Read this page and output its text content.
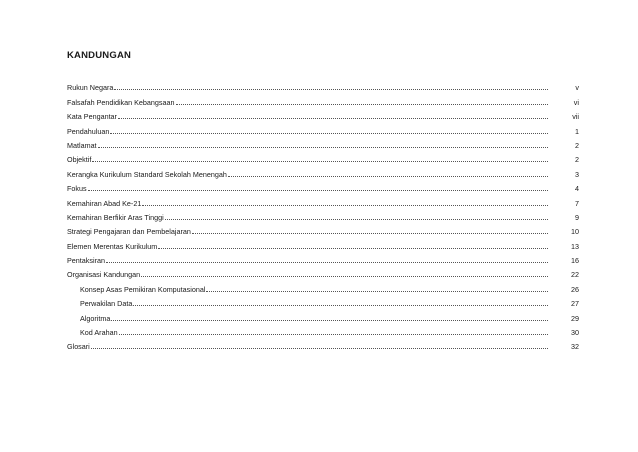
KANDUNGAN
Rukun Negara	v
Falsafah Pendidikan Kebangsaan	vi
Kata Pengantar	vii
Pendahuluan	1
Matlamat	2
Objektif	2
Kerangka Kurikulum Standard Sekolah Menengah	3
Fokus	4
Kemahiran Abad Ke-21	7
Kemahiran Berfikir Aras Tinggi	9
Strategi Pengajaran dan Pembelajaran	10
Elemen Merentas Kurikulum	13
Pentaksiran	16
Organisasi Kandungan	22
Konsep Asas Pemikiran Komputasional	26
Perwakilan Data	27
Algoritma	29
Kod Arahan	30
Glosari	32
